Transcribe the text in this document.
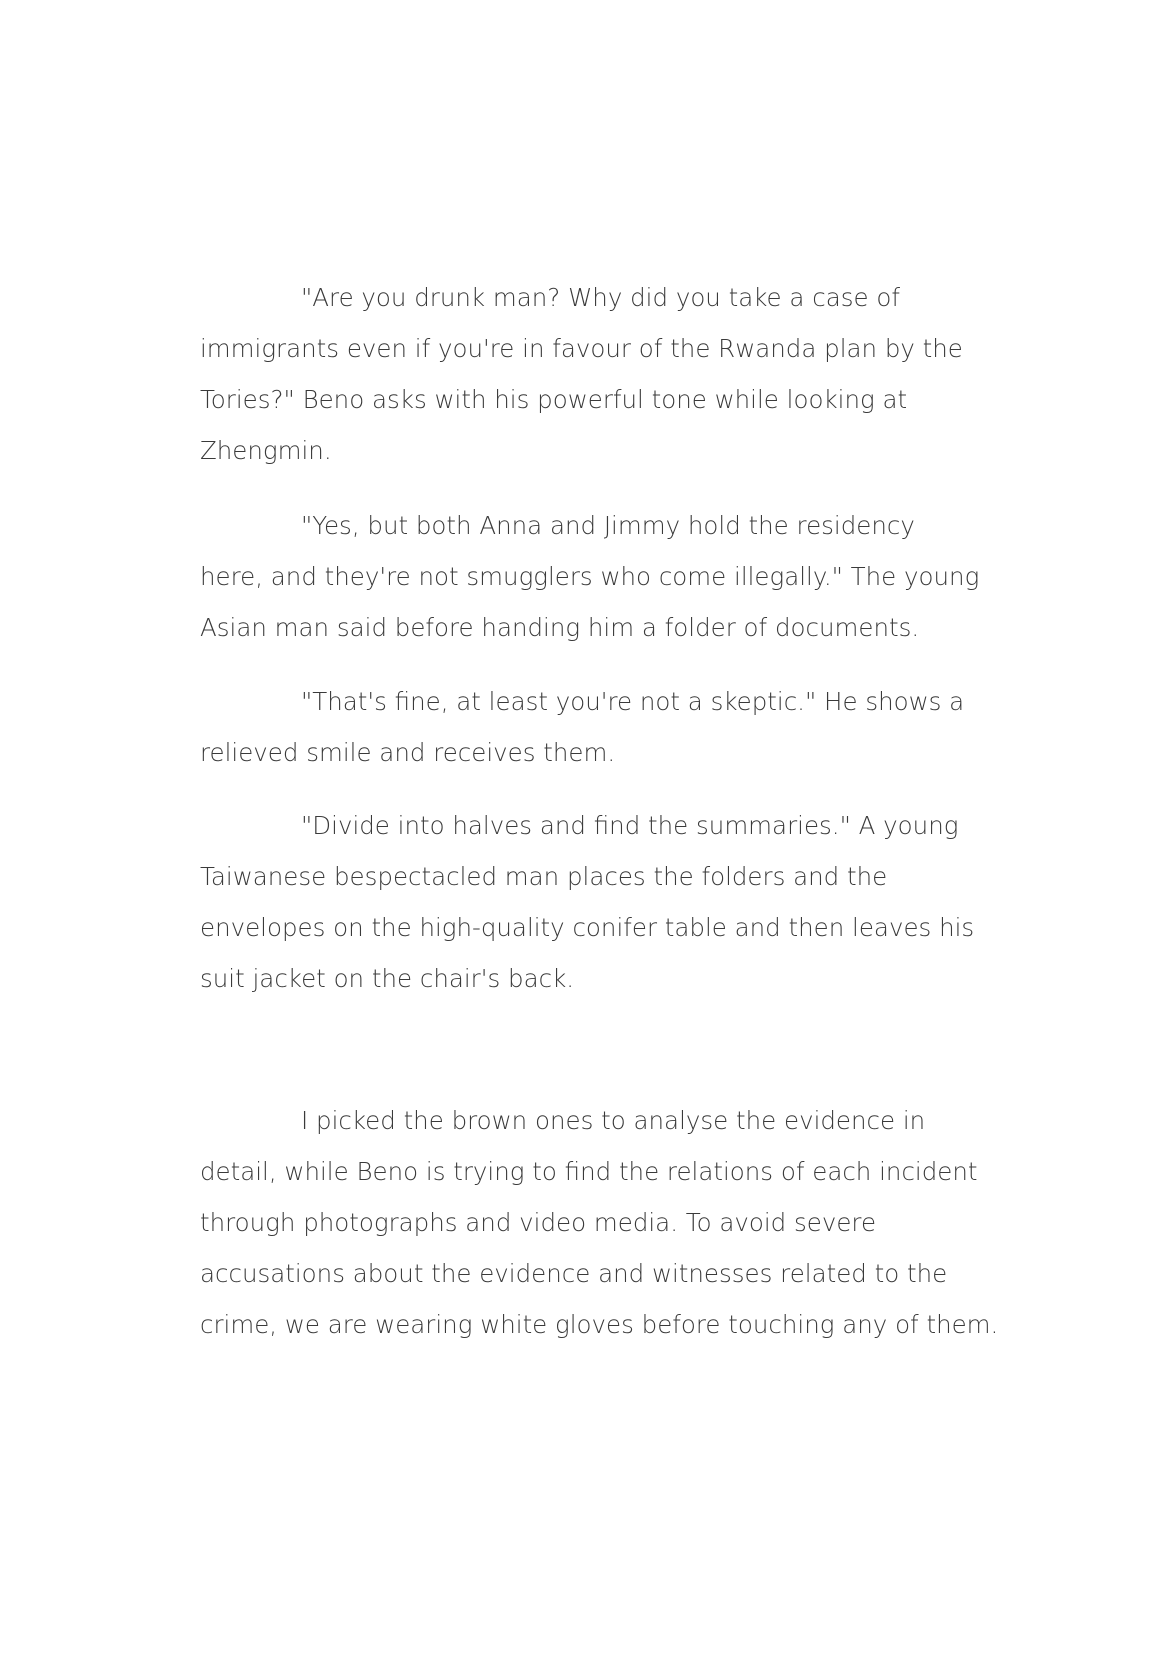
"Are you drunk man? Why did you take a case of
immigrants even if you're in favour of the Rwanda plan by the
Tories?" Beno asks with his powerful tone while looking at
Zhengmin.
"Yes, but both Anna and Jimmy hold the residency
here, and they're not smugglers who come illegally." The young
Asian man said before handing him a folder of documents.
"That's fine, at least you're not a skeptic." He shows a
relieved smile and receives them.
"Divide into halves and find the summaries." A young
Taiwanese bespectacled man places the folders and the
envelopes on the high-quality conifer table and then leaves his
suit jacket on the chair's back.
I picked the brown ones to analyse the evidence in
detail, while Beno is trying to find the relations of each incident
through photographs and video media. To avoid severe
accusations about the evidence and witnesses related to the
crime, we are wearing white gloves before touching any of them.
